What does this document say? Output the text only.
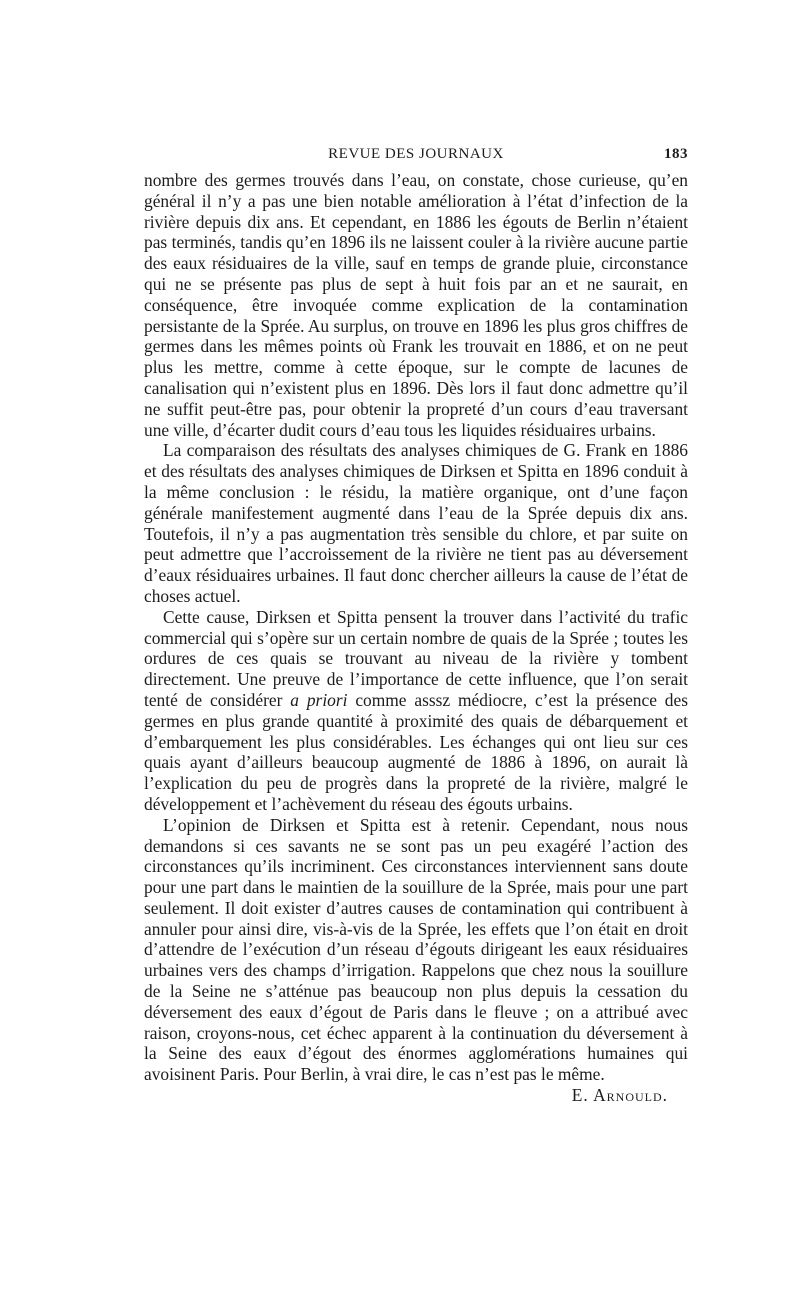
REVUE DES JOURNAUX	183

nombre des germes trouvés dans l’eau, on constate, chose curieuse, qu’en général il n’y a pas une bien notable amélioration à l’état d’infection de la rivière depuis dix ans. Et cependant, en 1886 les égouts de Berlin n’étaient pas terminés, tandis qu’en 1896 ils ne laissent couler à la rivière aucune partie des eaux résiduaires de la ville, sauf en temps de grande pluie, circonstance qui ne se présente pas plus de sept à huit fois par an et ne saurait, en conséquence, être invoquée comme explication de la contamination persistante de la Sprée. Au surplus, on trouve en 1896 les plus gros chiffres de germes dans les mêmes points où Frank les trouvait en 1886, et on ne peut plus les mettre, comme à cette époque, sur le compte de lacunes de canalisation qui n’existent plus en 1896. Dès lors il faut donc admettre qu’il ne suffit peut-être pas, pour obtenir la propreté d’un cours d’eau traversant une ville, d’écarter dudit cours d’eau tous les liquides résiduaires urbains.

La comparaison des résultats des analyses chimiques de G. Frank en 1886 et des résultats des analyses chimiques de Dirksen et Spitta en 1896 conduit à la même conclusion : le résidu, la matière organique, ont d’une façon générale manifestement augmenté dans l’eau de la Sprée depuis dix ans. Toutefois, il n’y a pas augmentation très sensible du chlore, et par suite on peut admettre que l’accroissement de la rivière ne tient pas au déversement d’eaux résiduaires urbaines. Il faut donc chercher ailleurs la cause de l’état de choses actuel.

Cette cause, Dirksen et Spitta pensent la trouver dans l’activité du trafic commercial qui s’opère sur un certain nombre de quais de la Sprée ; toutes les ordures de ces quais se trouvant au niveau de la rivière y tombent directement. Une preuve de l’importance de cette influence, que l’on serait tenté de considérer a priori comme asssz médiocre, c’est la présence des germes en plus grande quantité à proximité des quais de débarquement et d’embarquement les plus considérables. Les échanges qui ont lieu sur ces quais ayant d’ailleurs beaucoup augmenté de 1886 à 1896, on aurait là l’explication du peu de progrès dans la propreté de la rivière, malgré le développement et l’achèvement du réseau des égouts urbains.

L’opinion de Dirksen et Spitta est à retenir. Cependant, nous nous demandons si ces savants ne se sont pas un peu exagéré l’action des circonstances qu’ils incriminent. Ces circonstances interviennent sans doute pour une part dans le maintien de la souillure de la Sprée, mais pour une part seulement. Il doit exister d’autres causes de contamination qui contribuent à annuler pour ainsi dire, vis-à-vis de la Sprée, les effets que l’on était en droit d’attendre de l’exécution d’un réseau d’égouts dirigeant les eaux résiduaires urbaines vers des champs d’irrigation. Rappelons que chez nous la souillure de la Seine ne s’atténue pas beaucoup non plus depuis la cessation du déversement des eaux d’égout de Paris dans le fleuve ; on a attribué avec raison, croyons-nous, cet échec apparent à la continuation du déversement à la Seine des eaux d’égout des énormes agglomérations humaines qui avoisinent Paris. Pour Berlin, à vrai dire, le cas n’est pas le même.
E. Arnould.
